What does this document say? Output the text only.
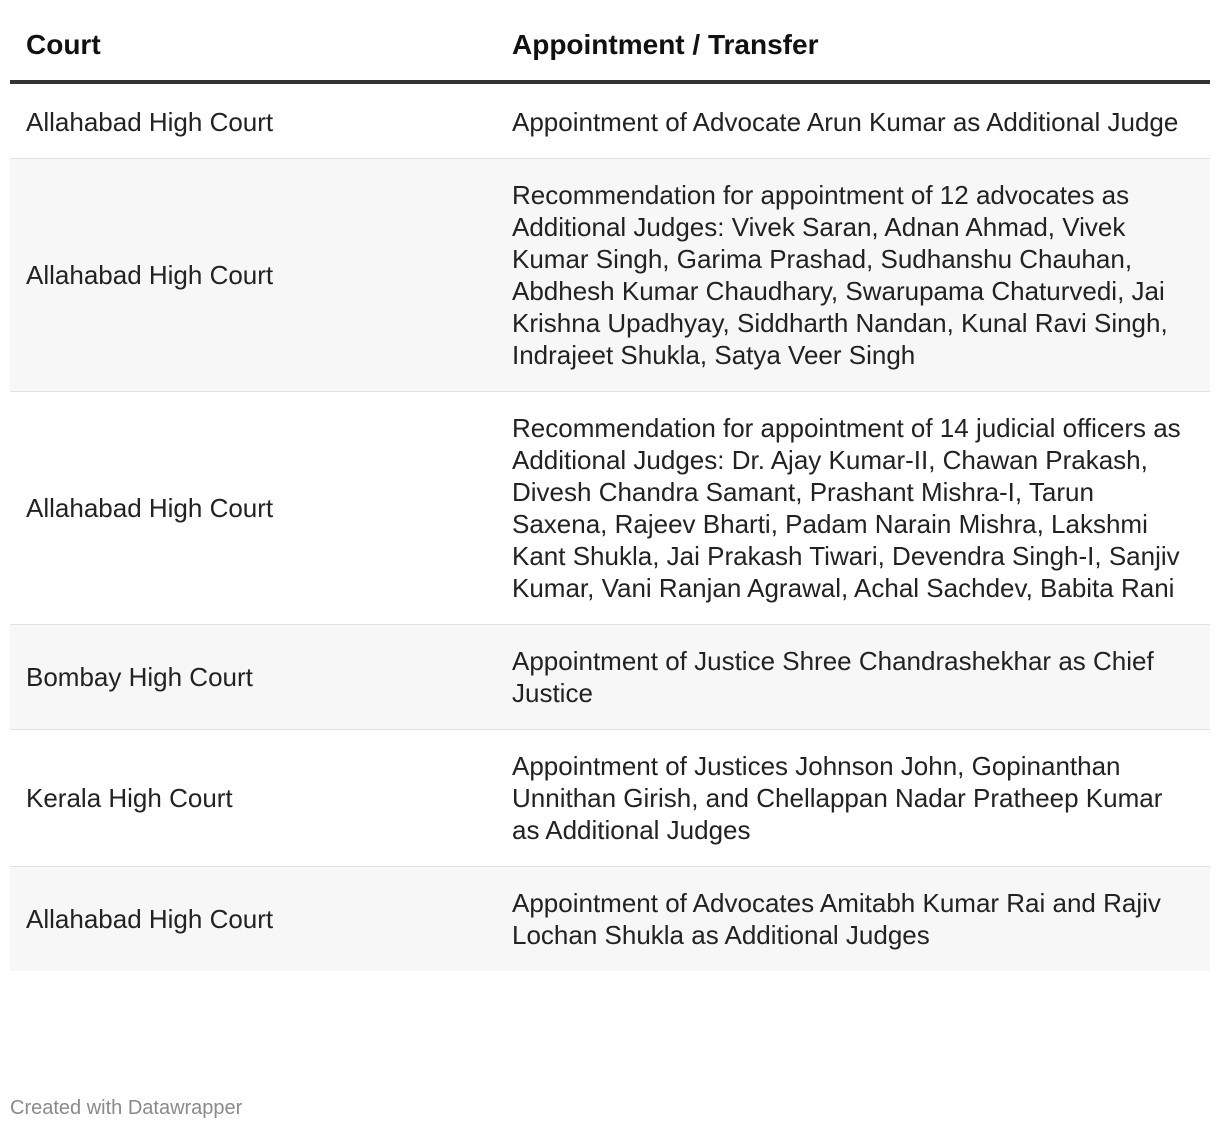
Court	Appointment / Transfer
Allahabad High Court	Appointment of Advocate Arun Kumar as Additional Judge
Allahabad High Court	Recommendation for appointment of 12 advocates as Additional Judges: Vivek Saran, Adnan Ahmad, Vivek Kumar Singh, Garima Prashad, Sudhanshu Chauhan, Abdhesh Kumar Chaudhary, Swarupama Chaturvedi, Jai Krishna Upadhyay, Siddharth Nandan, Kunal Ravi Singh, Indrajeet Shukla, Satya Veer Singh
Allahabad High Court	Recommendation for appointment of 14 judicial officers as Additional Judges: Dr. Ajay Kumar-II, Chawan Prakash, Divesh Chandra Samant, Prashant Mishra-I, Tarun Saxena, Rajeev Bharti, Padam Narain Mishra, Lakshmi Kant Shukla, Jai Prakash Tiwari, Devendra Singh-I, Sanjiv Kumar, Vani Ranjan Agrawal, Achal Sachdev, Babita Rani
Bombay High Court	Appointment of Justice Shree Chandrashekhar as Chief Justice
Kerala High Court	Appointment of Justices Johnson John, Gopinanthan Unnithan Girish, and Chellappan Nadar Pratheep Kumar as Additional Judges
Allahabad High Court	Appointment of Advocates Amitabh Kumar Rai and Rajiv Lochan Shukla as Additional Judges
Created with Datawrapper
